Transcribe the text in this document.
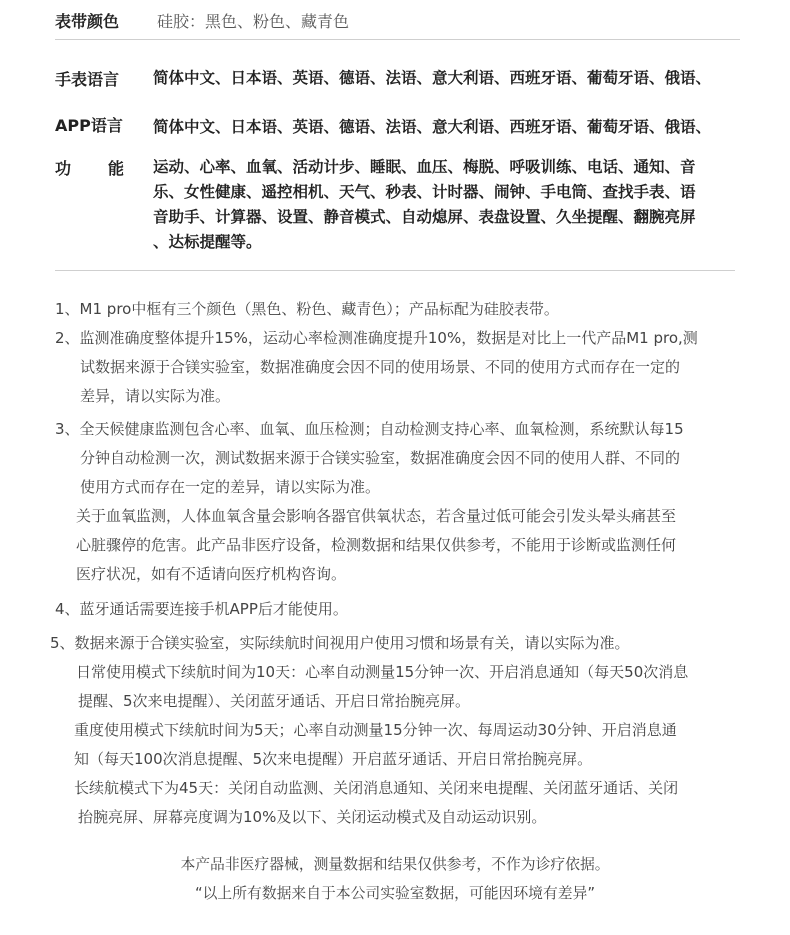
表带颜色 硅胶：黑色、粉色、藏青色
手表语言 简体中文、日本语、英语、德语、法语、意大利语、西班牙语、葡萄牙语、俄语、
APP语言 简体中文、日本语、英语、德语、法语、意大利语、西班牙语、葡萄牙语、俄语、
功 能 运动、心率、血氧、活动计步、睡眠、血压、梅脱、呼吸训练、电话、通知、音
乐、女性健康、遥控相机、天气、秒表、计时器、闹钟、手电筒、查找手表、语
音助手、计算器、设置、静音模式、自动熄屏、表盘设置、久坐提醒、翻腕亮屏
、达标提醒等。
1、M1 pro中框有三个颜色（黑色、粉色、藏青色）；产品标配为硅胶表带。
2、监测准确度整体提升15%，运动心率检测准确度提升10%，数据是对比上一代产品M1 pro,测
试数据来源于合镁实验室，数据准确度会因不同的使用场景、不同的使用方式而存在一定的
差异，请以实际为准。
3、全天候健康监测包含心率、血氧、血压检测；自动检测支持心率、血氧检测，系统默认每15
分钟自动检测一次，测试数据来源于合镁实验室，数据准确度会因不同的使用人群、不同的
使用方式而存在一定的差异，请以实际为准。
关于血氧监测，人体血氧含量会影响各器官供氧状态，若含量过低可能会引发头晕头痛甚至
心脏骤停的危害。此产品非医疗设备，检测数据和结果仅供参考，不能用于诊断或监测任何
医疗状况，如有不适请向医疗机构咨询。
4、蓝牙通话需要连接手机APP后才能使用。
5、数据来源于合镁实验室，实际续航时间视用户使用习惯和场景有关，请以实际为准。
日常使用模式下续航时间为10天：心率自动测量15分钟一次、开启消息通知（每天50次消息
提醒、5次来电提醒）、关闭蓝牙通话、开启日常抬腕亮屏。
重度使用模式下续航时间为5天；心率自动测量15分钟一次、每周运动30分钟、开启消息通
知（每天100次消息提醒、5次来电提醒）开启蓝牙通话、开启日常抬腕亮屏。
长续航模式下为45天：关闭自动监测、关闭消息通知、关闭来电提醒、关闭蓝牙通话、关闭
抬腕亮屏、屏幕亮度调为10%及以下、关闭运动模式及自动运动识别。
本产品非医疗器械，测量数据和结果仅供参考，不作为诊疗依据。
“以上所有数据来自于本公司实验室数据，可能因环境有差异”
